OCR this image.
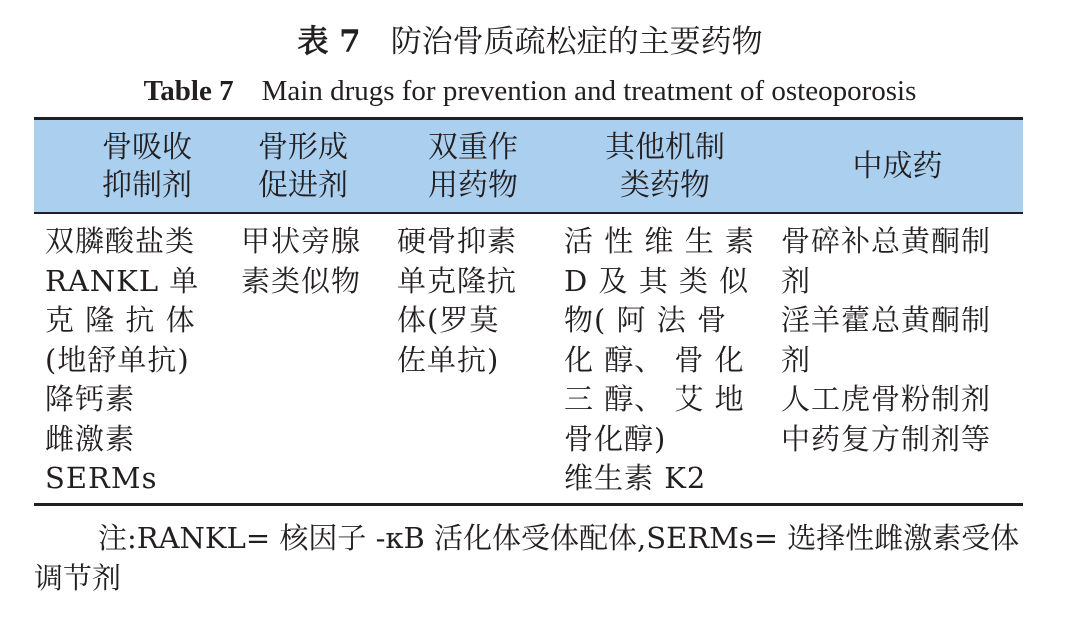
表 7 防治骨质疏松症的主要药物
Table 7 Main drugs for prevention and treatment of osteoporosis
骨吸收
抑制剂
骨形成
促进剂
双重作
用药物
其他机制
类药物
中成药
双膦酸盐类
RANKL 单
克 隆 抗 体
(地舒单抗)
降钙素
雌激素
SERMs
甲状旁腺
素类似物
硬骨抑素
单克隆抗
体(罗莫
佐单抗)
活 性 维 生 素
D 及 其 类 似
物( 阿 法 骨
化 醇、 骨 化
三 醇、 艾 地
骨化醇)
维生素 K2
骨碎补总黄酮制
剂
淫羊藿总黄酮制
剂
人工虎骨粉制剂
中药复方制剂等
注:RANKL= 核因子 -κB 活化体受体配体,SERMs= 选择性雌激素受体调节剂
